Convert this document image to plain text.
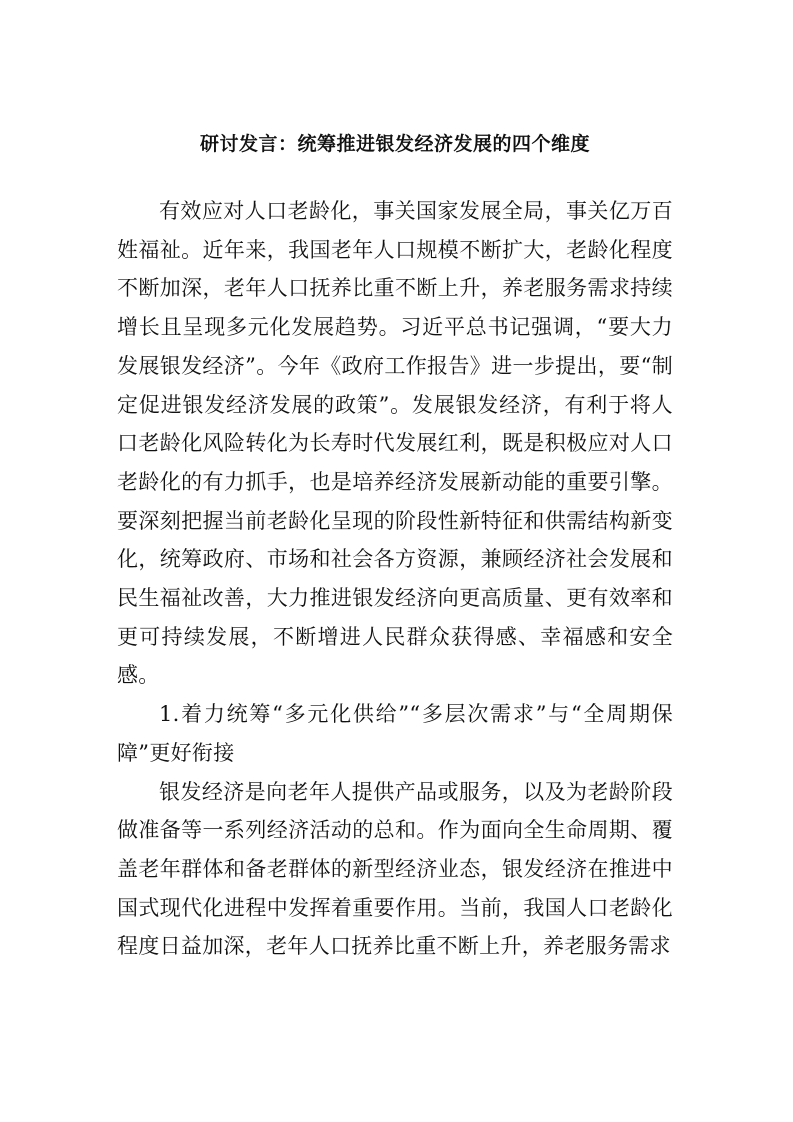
研讨发言：统筹推进银发经济发展的四个维度

有效应对人口老龄化，事关国家发展全局，事关亿万百姓福祉。近年来，我国老年人口规模不断扩大，老龄化程度不断加深，老年人口抚养比重不断上升，养老服务需求持续增长且呈现多元化发展趋势。习近平总书记强调，“要大力发展银发经济”。今年《政府工作报告》进一步提出，要“制定促进银发经济发展的政策”。发展银发经济，有利于将人口老龄化风险转化为长寿时代发展红利，既是积极应对人口老龄化的有力抓手，也是培养经济发展新动能的重要引擎。要深刻把握当前老龄化呈现的阶段性新特征和供需结构新变化，统筹政府、市场和社会各方资源，兼顾经济社会发展和民生福祉改善，大力推进银发经济向更高质量、更有效率和更可持续发展，不断增进人民群众获得感、幸福感和安全感。

1.着力统筹“多元化供给”“多层次需求”与“全周期保障”更好衔接

银发经济是向老年人提供产品或服务，以及为老龄阶段做准备等一系列经济活动的总和。作为面向全生命周期、覆盖老年群体和备老群体的新型经济业态，银发经济在推进中国式现代化进程中发挥着重要作用。当前，我国人口老龄化程度日益加深，老年人口抚养比重不断上升，养老服务需求
